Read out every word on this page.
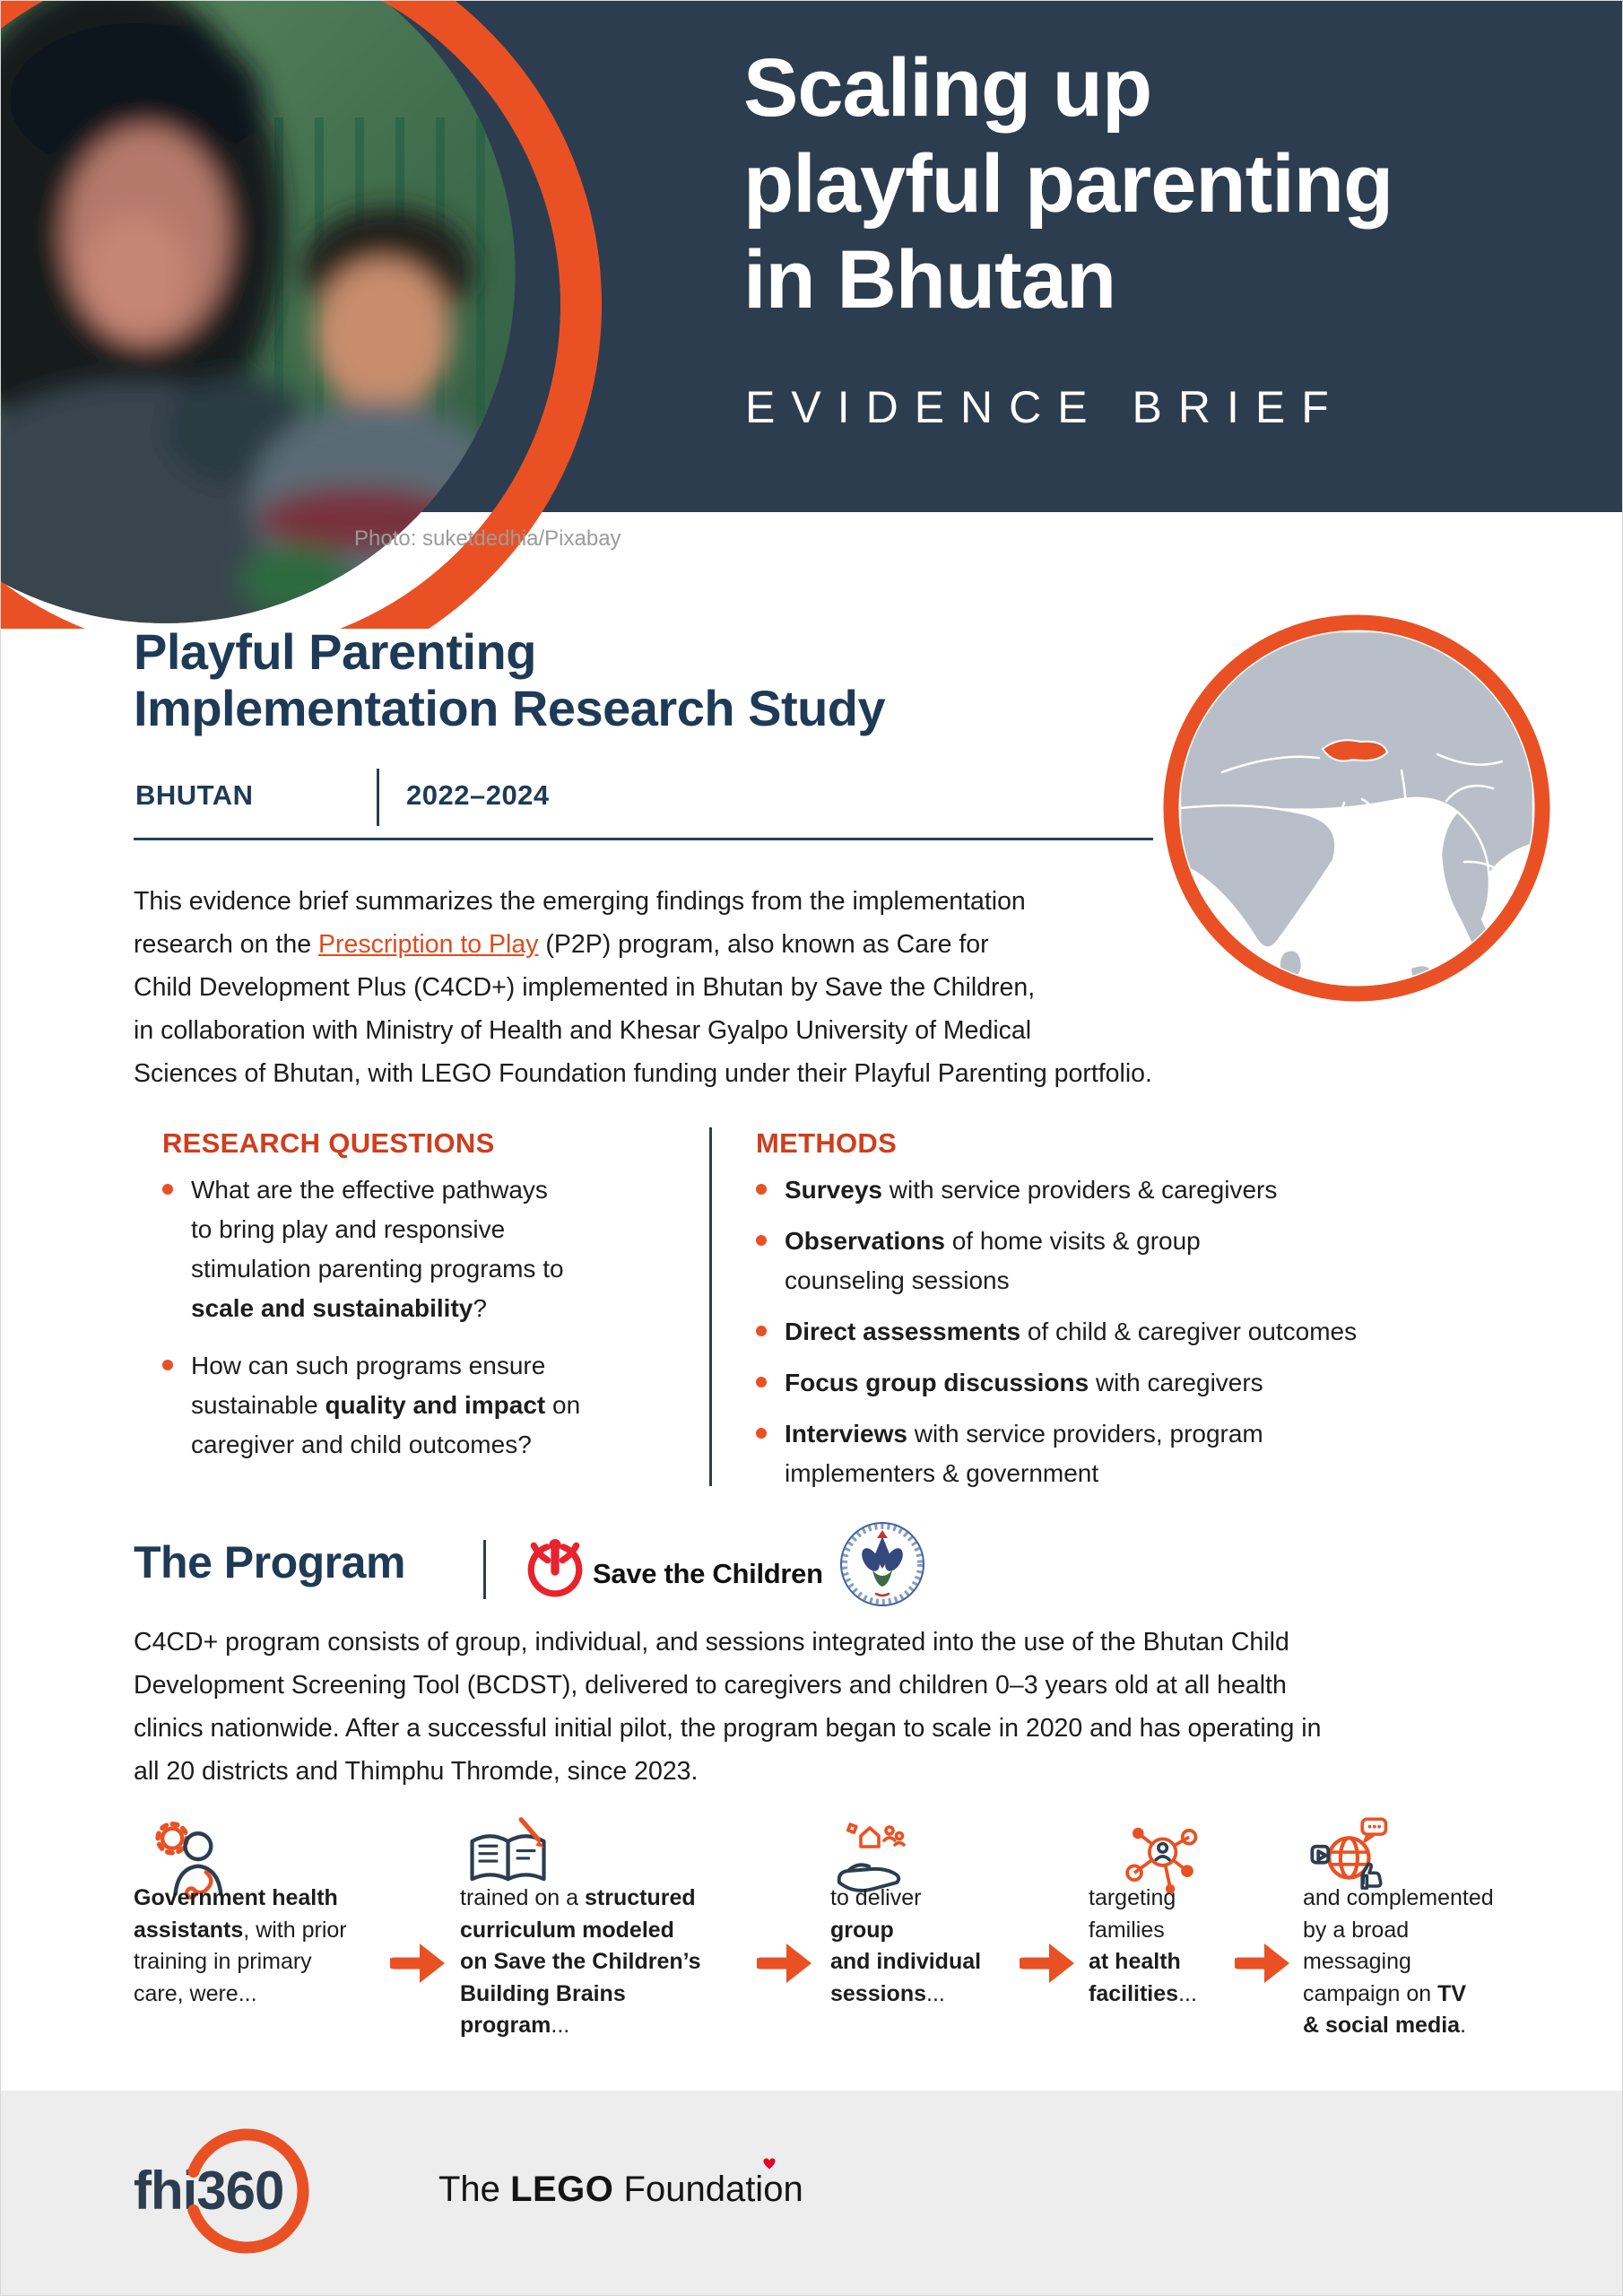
Scaling up
playful parenting
in Bhutan
EVIDENCE BRIEF
Photo: suketdedhia/Pixabay
Playful Parenting
Implementation Research Study
BHUTAN	2022–2024
This evidence brief summarizes the emerging findings from the implementation
research on the Prescription to Play (P2P) program, also known as Care for
Child Development Plus (C4CD+) implemented in Bhutan by Save the Children,
in collaboration with Ministry of Health and Khesar Gyalpo University of Medical
Sciences of Bhutan, with LEGO Foundation funding under their Playful Parenting portfolio.
RESEARCH QUESTIONS
What are the effective pathways
to bring play and responsive
stimulation parenting programs to
scale and sustainability?
How can such programs ensure
sustainable quality and impact on
caregiver and child outcomes?
METHODS
Surveys with service providers & caregivers
Observations of home visits & group
counseling sessions
Direct assessments of child & caregiver outcomes
Focus group discussions with caregivers
Interviews with service providers, program
implementers & government
The Program	Save the Children
C4CD+ program consists of group, individual, and sessions integrated into the use of the Bhutan Child
Development Screening Tool (BCDST), delivered to caregivers and children 0–3 years old at all health
clinics nationwide. After a successful initial pilot, the program began to scale in 2020 and has operating in
all 20 districts and Thimphu Thromde, since 2023.
Government health
assistants, with prior
training in primary
care, were...
trained on a structured
curriculum modeled
on Save the Children’s
Building Brains
program...
to deliver
group
and individual
sessions...
targeting
families
at health
facilities...
and complemented
by a broad
messaging
campaign on TV
& social media.
fhi360	The LEGO Foundation
